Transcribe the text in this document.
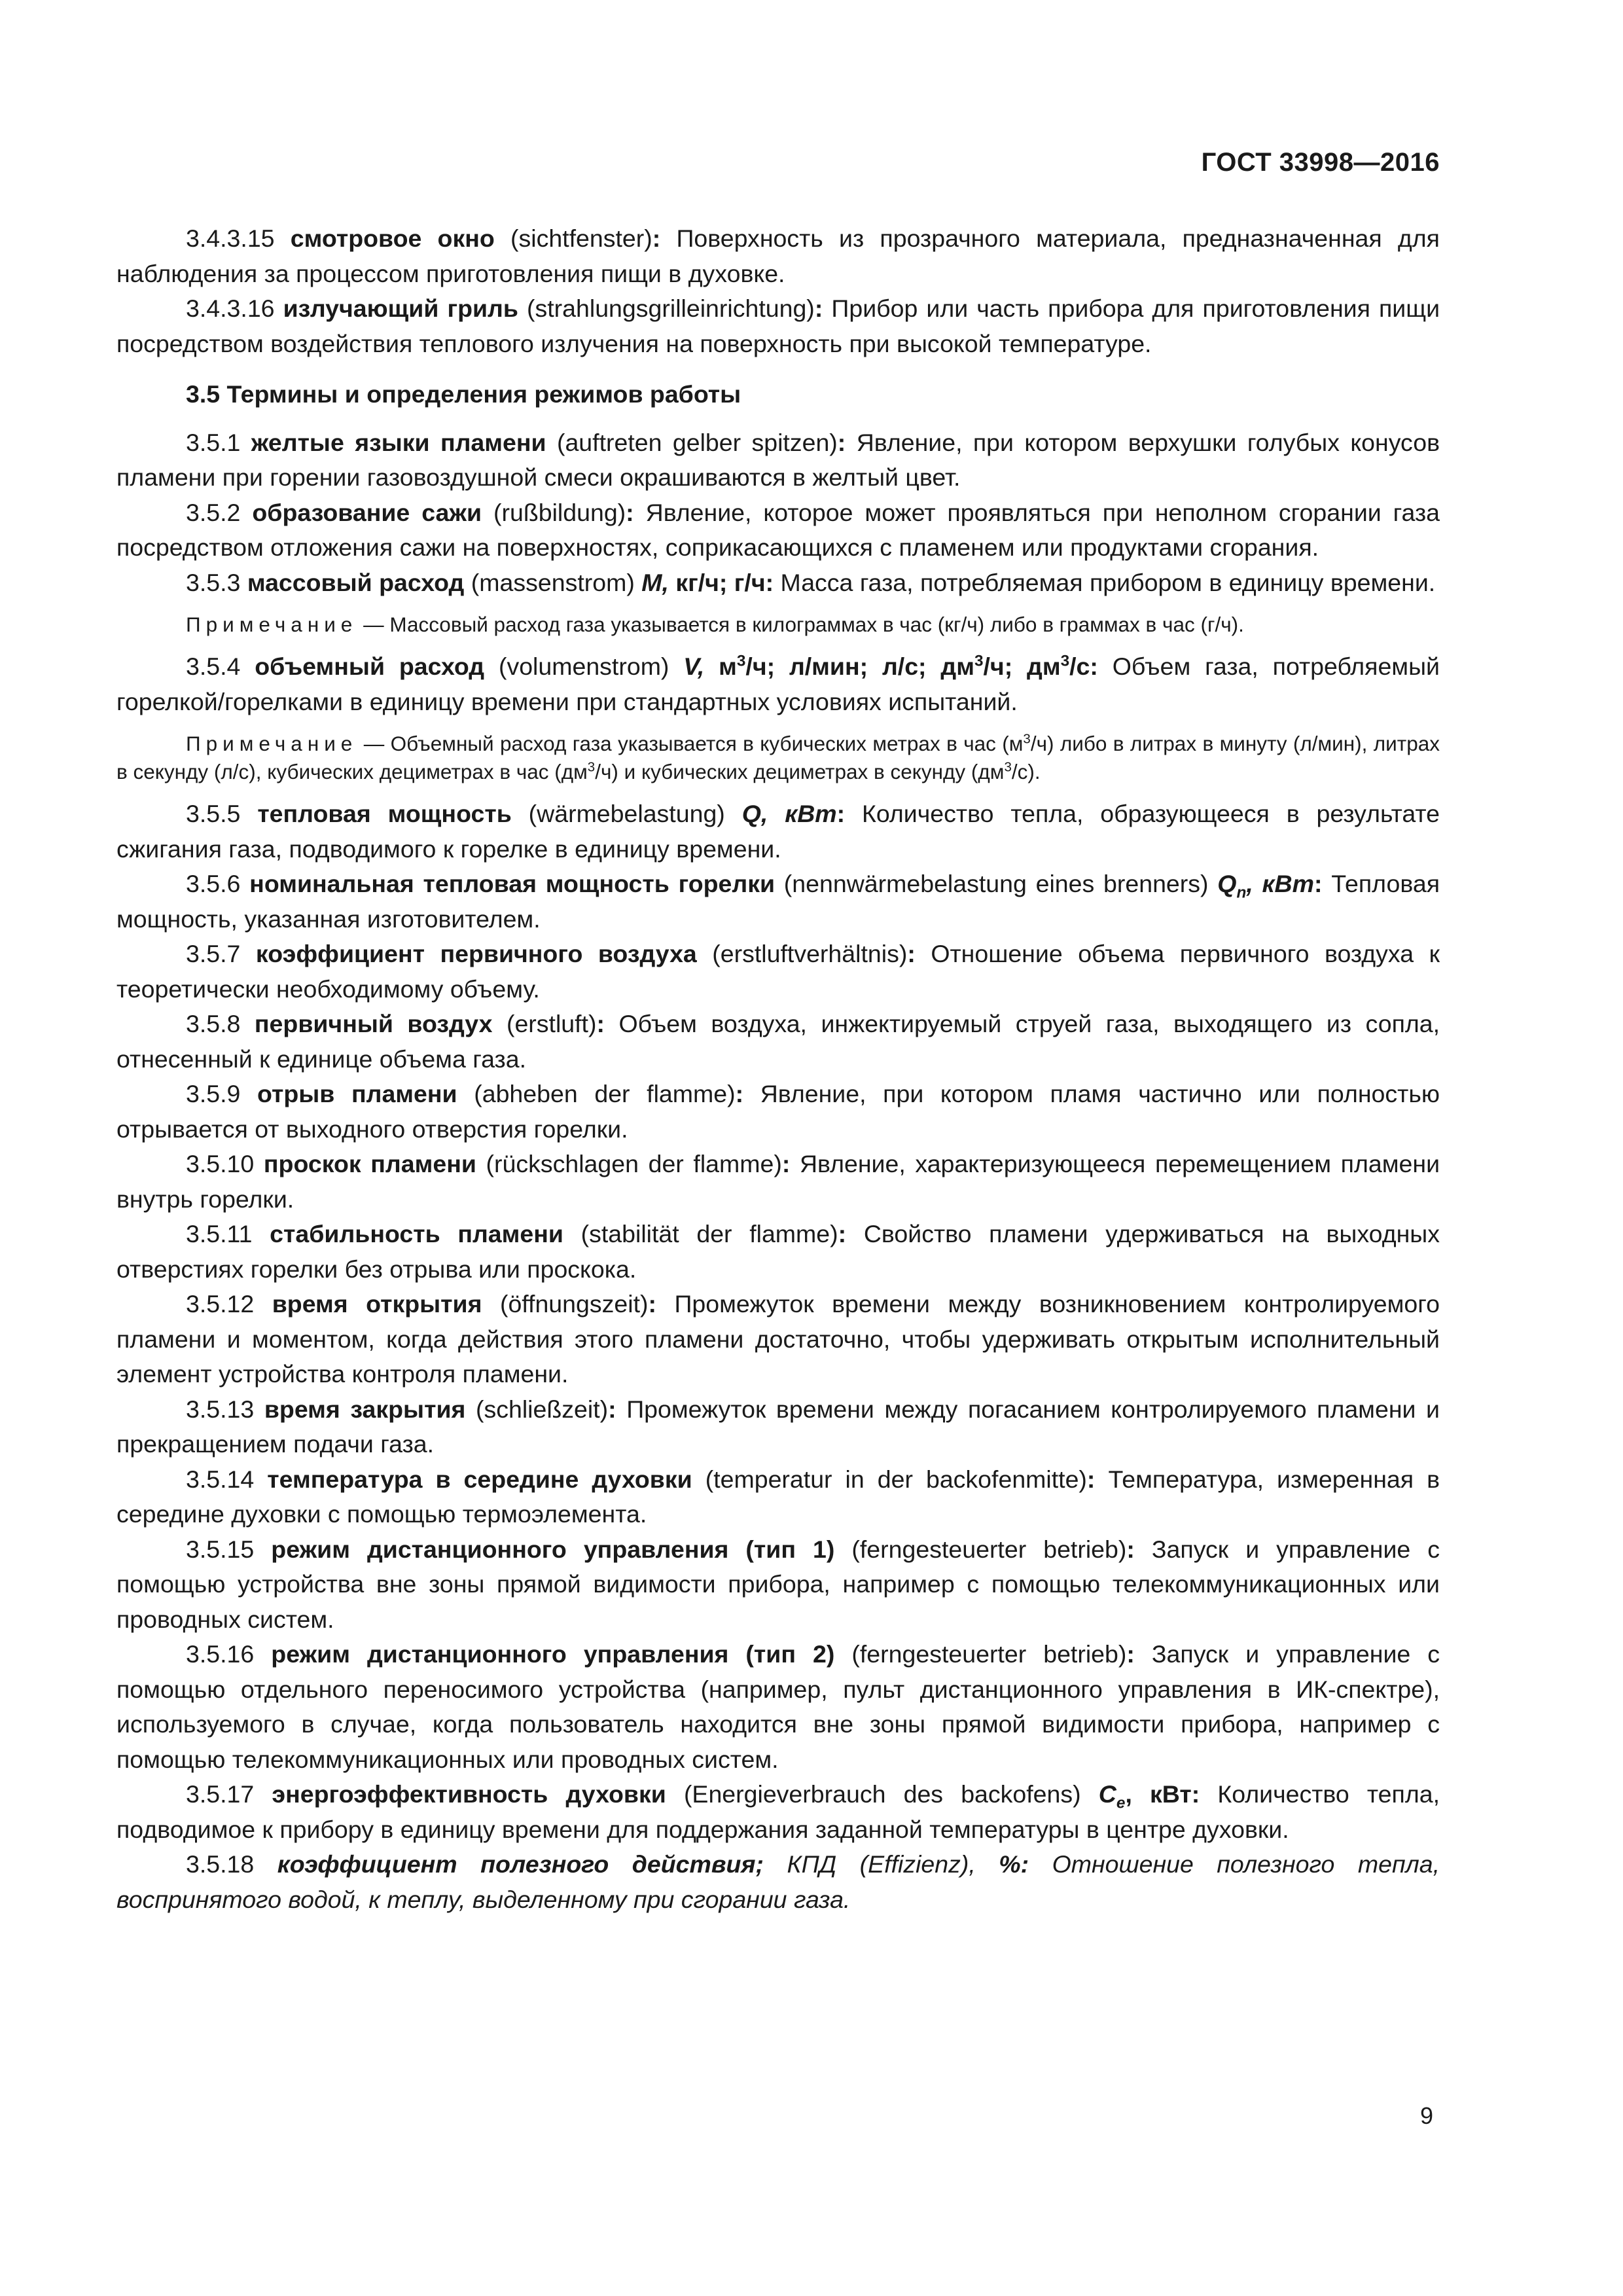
ГОСТ 33998—2016

3.4.3.15 смотровое окно (sichtfenster): Поверхность из прозрачного материала, предназначенная для наблюдения за процессом приготовления пищи в духовке.

3.4.3.16 излучающий гриль (strahlungsgrilleinrichtung): Прибор или часть прибора для приготовления пищи посредством воздействия теплового излучения на поверхность при высокой температуре.

3.5 Термины и определения режимов работы

3.5.1 желтые языки пламени (auftreten gelber spitzen): Явление, при котором верхушки голубых конусов пламени при горении газовоздушной смеси окрашиваются в желтый цвет.

3.5.2 образование сажи (rußbildung): Явление, которое может проявляться при неполном сгорании газа посредством отложения сажи на поверхностях, соприкасающихся с пламенем или продуктами сгорания.

3.5.3 массовый расход (massenstrom) M, кг/ч; г/ч: Масса газа, потребляемая прибором в единицу времени.

Примечание — Массовый расход газа указывается в килограммах в час (кг/ч) либо в граммах в час (г/ч).

3.5.4 объемный расход (volumenstrom) V, $м^3/ч$; л/мин; л/с; $дм^3/ч$; $дм^3/с$: Объем газа, потребляемый горелкой/горелками в единицу времени при стандартных условиях испытаний.

Примечание — Объемный расход газа указывается в кубических метрах в час $(м^3/ч)$ либо в литрах в минуту (л/мин), литрах в секунду (л/с), кубических дециметрах в час $(дм^3/ч)$ и кубических дециметрах в секунду $(дм^3/с)$.

3.5.5 тепловая мощность (wärmebelastung) Q, кВт: Количество тепла, образующееся в результате сжигания газа, подводимого к горелке в единицу времени.

3.5.6 номинальная тепловая мощность горелки (nennwärmebelastung eines brenners) $Q_n$, кВт: Тепловая мощность, указанная изготовителем.

3.5.7 коэффициент первичного воздуха (erstluftverhältnis): Отношение объема первичного воздуха к теоретически необходимому объему.

3.5.8 первичный воздух (erstluft): Объем воздуха, инжектируемый струей газа, выходящего из сопла, отнесенный к единице объема газа.

3.5.9 отрыв пламени (abheben der flamme): Явление, при котором пламя частично или полностью отрывается от выходного отверстия горелки.

3.5.10 проскок пламени (rückschlagen der flamme): Явление, характеризующееся перемещением пламени внутрь горелки.

3.5.11 стабильность пламени (stabilität der flamme): Свойство пламени удерживаться на выходных отверстиях горелки без отрыва или проскока.

3.5.12 время открытия (öffnungszeit): Промежуток времени между возникновением контролируемого пламени и моментом, когда действия этого пламени достаточно, чтобы удерживать открытым исполнительный элемент устройства контроля пламени.

3.5.13 время закрытия (schließzeit): Промежуток времени между погасанием контролируемого пламени и прекращением подачи газа.

3.5.14 температура в середине духовки (temperatur in der backofenmitte): Температура, измеренная в середине духовки с помощью термоэлемента.

3.5.15 режим дистанционного управления (тип 1) (ferngesteuerter betrieb): Запуск и управление с помощью устройства вне зоны прямой видимости прибора, например с помощью телекоммуникационных или проводных систем.

3.5.16 режим дистанционного управления (тип 2) (ferngesteuerter betrieb): Запуск и управление с помощью отдельного переносимого устройства (например, пульт дистанционного управления в ИК-спектре), используемого в случае, когда пользователь находится вне зоны прямой видимости прибора, например с помощью телекоммуникационных или проводных систем.

3.5.17 энергоэффективность духовки (Energieverbrauch des backofens) $C_e$, кВт: Количество тепла, подводимое к прибору в единицу времени для поддержания заданной температуры в центре духовки.

3.5.18 коэффициент полезного действия; КПД (Effizienz), %: Отношение полезного тепла, воспринятого водой, к теплу, выделенному при сгорании газа.

9
